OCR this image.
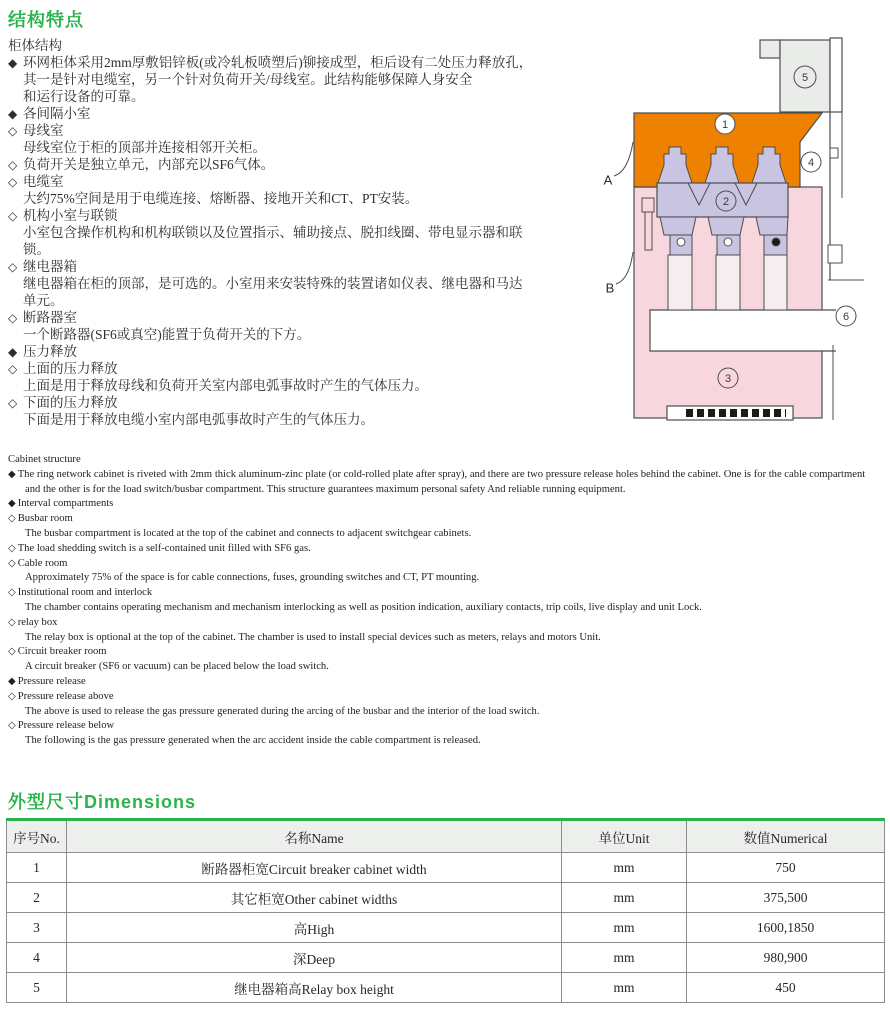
结构特点
柜体结构
◆ 环网柜体采用2mm厚敷铝锌板(或冷轧板喷塑后)铆接成型，柜后设有二处压力释放孔，
其一是针对电缆室，另一个针对负荷开关/母线室。此结构能够保障人身安全
和运行设备的可靠。
◆ 各间隔小室
◇ 母线室
母线室位于柜的顶部并连接相邻开关柜。
◇ 负荷开关是独立单元，内部充以SF6气体。
◇ 电缆室
大约75%空间是用于电缆连接、熔断器、接地开关和CT、PT安装。
◇ 机构小室与联锁
小室包含操作机构和机构联锁以及位置指示、辅助接点、脱扣线圈、带电显示器和联
锁。
◇ 继电器箱
继电器箱在柜的顶部，是可选的。小室用来安装特殊的装置诸如仪表、继电器和马达
单元。
◇ 断路器室
一个断路器(SF6或真空)能置于负荷开关的下方。
◆ 压力释放
◇ 上面的压力释放
上面是用于释放母线和负荷开关室内部电弧事故时产生的气体压力。
◇ 下面的压力释放
下面是用于释放电缆小室内部电弧事故时产生的气体压力。
A
B
1
2
3
4
5
6
Cabinet structure
◆ The ring network cabinet is riveted with 2mm thick aluminum-zinc plate (or cold-rolled plate after spray), and there are two pressure release holes behind the cabinet. One is for the cable compartment
and the other is for the load switch/busbar compartment. This structure guarantees maximum personal safety And reliable running equipment.
◆ Interval compartments
◇ Busbar room
The busbar compartment is located at the top of the cabinet and connects to adjacent switchgear cabinets.
◇ The load shedding switch is a self-contained unit filled with SF6 gas.
◇ Cable room
Approximately 75% of the space is for cable connections, fuses, grounding switches and CT, PT mounting.
◇ Institutional room and interlock
The chamber contains operating mechanism and mechanism interlocking as well as position indication, auxiliary contacts, trip coils, live display and unit Lock.
◇ relay box
The relay box is optional at the top of the cabinet. The chamber is used to install special devices such as meters, relays and motors Unit.
◇ Circuit breaker room
A circuit breaker (SF6 or vacuum) can be placed below the load switch.
◆ Pressure release
◇ Pressure release above
The above is used to release the gas pressure generated during the arcing of the busbar and the interior of the load switch.
◇ Pressure release below
The following is the gas pressure generated when the arc accident inside the cable compartment is released.
外型尺寸Dimensions
序号No.	名称Name	单位Unit	数值Numerical
1	断路器柜宽Circuit breaker cabinet width	mm	750
2	其它柜宽Other cabinet widths	mm	375,500
3	高High	mm	1600,1850
4	深Deep	mm	980,900
5	继电器箱高Relay box height	mm	450
